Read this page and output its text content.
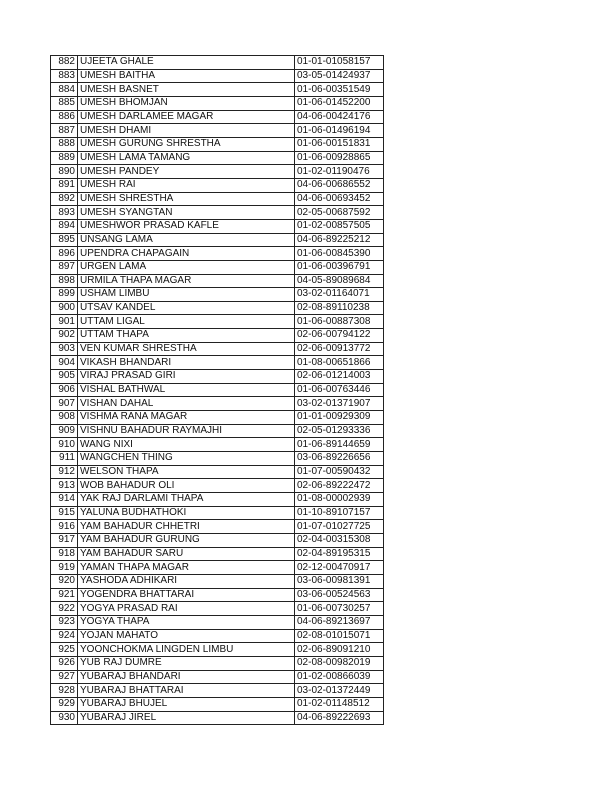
882	UJEETA GHALE	01-01-01058157
883	UMESH BAITHA	03-05-01424937
884	UMESH BASNET	01-06-00351549
885	UMESH BHOMJAN	01-06-01452200
886	UMESH DARLAMEE MAGAR	04-06-00424176
887	UMESH DHAMI	01-06-01496194
888	UMESH GURUNG SHRESTHA	01-06-00151831
889	UMESH LAMA TAMANG	01-06-00928865
890	UMESH PANDEY	01-02-01190476
891	UMESH RAI	04-06-00686552
892	UMESH SHRESTHA	04-06-00693452
893	UMESH SYANGTAN	02-05-00687592
894	UMESHWOR PRASAD KAFLE	01-02-00857505
895	UNSANG LAMA	04-06-89225212
896	UPENDRA CHAPAGAIN	01-06-00845390
897	URGEN LAMA	01-06-00396791
898	URMILA THAPA MAGAR	04-05-89089684
899	USHAM LIMBU	03-02-01164071
900	UTSAV KANDEL	02-08-89110238
901	UTTAM LIGAL	01-06-00887308
902	UTTAM THAPA	02-06-00794122
903	VEN KUMAR SHRESTHA	02-06-00913772
904	VIKASH BHANDARI	01-08-00651866
905	VIRAJ PRASAD GIRI	02-06-01214003
906	VISHAL BATHWAL	01-06-00763446
907	VISHAN DAHAL	03-02-01371907
908	VISHMA RANA MAGAR	01-01-00929309
909	VISHNU BAHADUR RAYMAJHI	02-05-01293336
910	WANG NIXI	01-06-89144659
911	WANGCHEN THING	03-06-89226656
912	WELSON THAPA	01-07-00590432
913	WOB BAHADUR OLI	02-06-89222472
914	YAK RAJ DARLAMI THAPA	01-08-00002939
915	YALUNA BUDHATHOKI	01-10-89107157
916	YAM BAHADUR CHHETRI	01-07-01027725
917	YAM BAHADUR GURUNG	02-04-00315308
918	YAM BAHADUR SARU	02-04-89195315
919	YAMAN THAPA MAGAR	02-12-00470917
920	YASHODA ADHIKARI	03-06-00981391
921	YOGENDRA BHATTARAI	03-06-00524563
922	YOGYA PRASAD RAI	01-06-00730257
923	YOGYA THAPA	04-06-89213697
924	YOJAN MAHATO	02-08-01015071
925	YOONCHOKMA LINGDEN LIMBU	02-06-89091210
926	YUB RAJ DUMRE	02-08-00982019
927	YUBARAJ BHANDARI	01-02-00866039
928	YUBARAJ BHATTARAI	03-02-01372449
929	YUBARAJ BHUJEL	01-02-01148512
930	YUBARAJ JIREL	04-06-89222693
